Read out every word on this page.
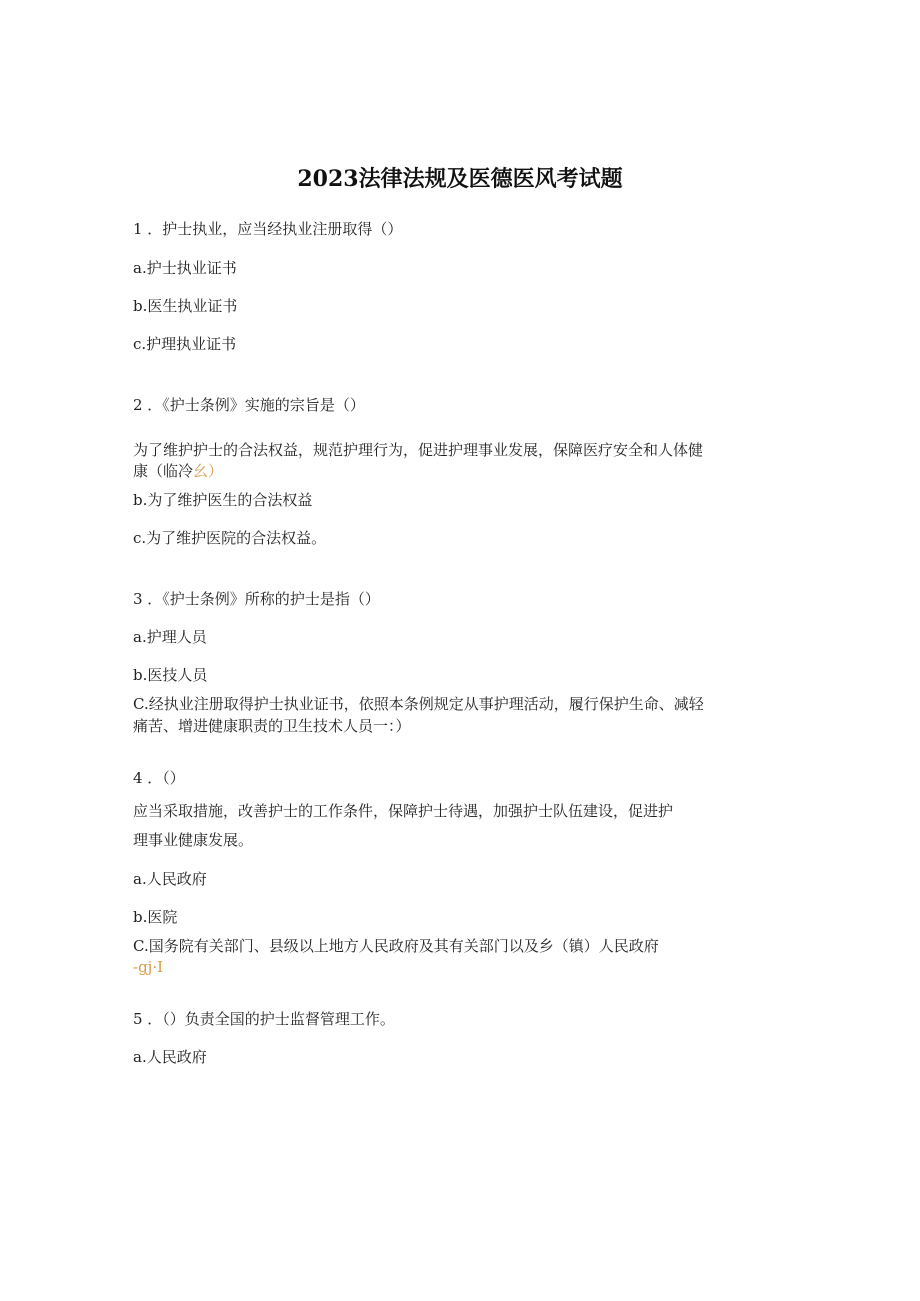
2023法律法规及医德医风考试题

1 ．护士执业，应当经执业注册取得（）

a.护士执业证书

b.医生执业证书

c.护理执业证书

2 ．《护士条例》实施的宗旨是（）

为了维护护士的合法权益，规范护理行为，促进护理事业发展，保障医疗安全和人体健

康（临冷幺）

b.为了维护医生的合法权益

c.为了维护医院的合法权益。

3 ．《护士条例》所称的护士是指（）

a.护理人员

b.医技人员

C.经执业注册取得护士执业证书，依照本条例规定从事护理活动，履行保护生命、减轻

痛苦、增进健康职责的卫生技术人员一：）

4 ．（）

应当采取措施，改善护士的工作条件，保障护士待遇，加强护士队伍建设，促进护

理事业健康发展。

a.人民政府

b.医院

C.国务院有关部门、县级以上地方人民政府及其有关部门以及乡（镇）人民政府

-gj·I

5 ．（）负责全国的护士监督管理工作。

a.人民政府
